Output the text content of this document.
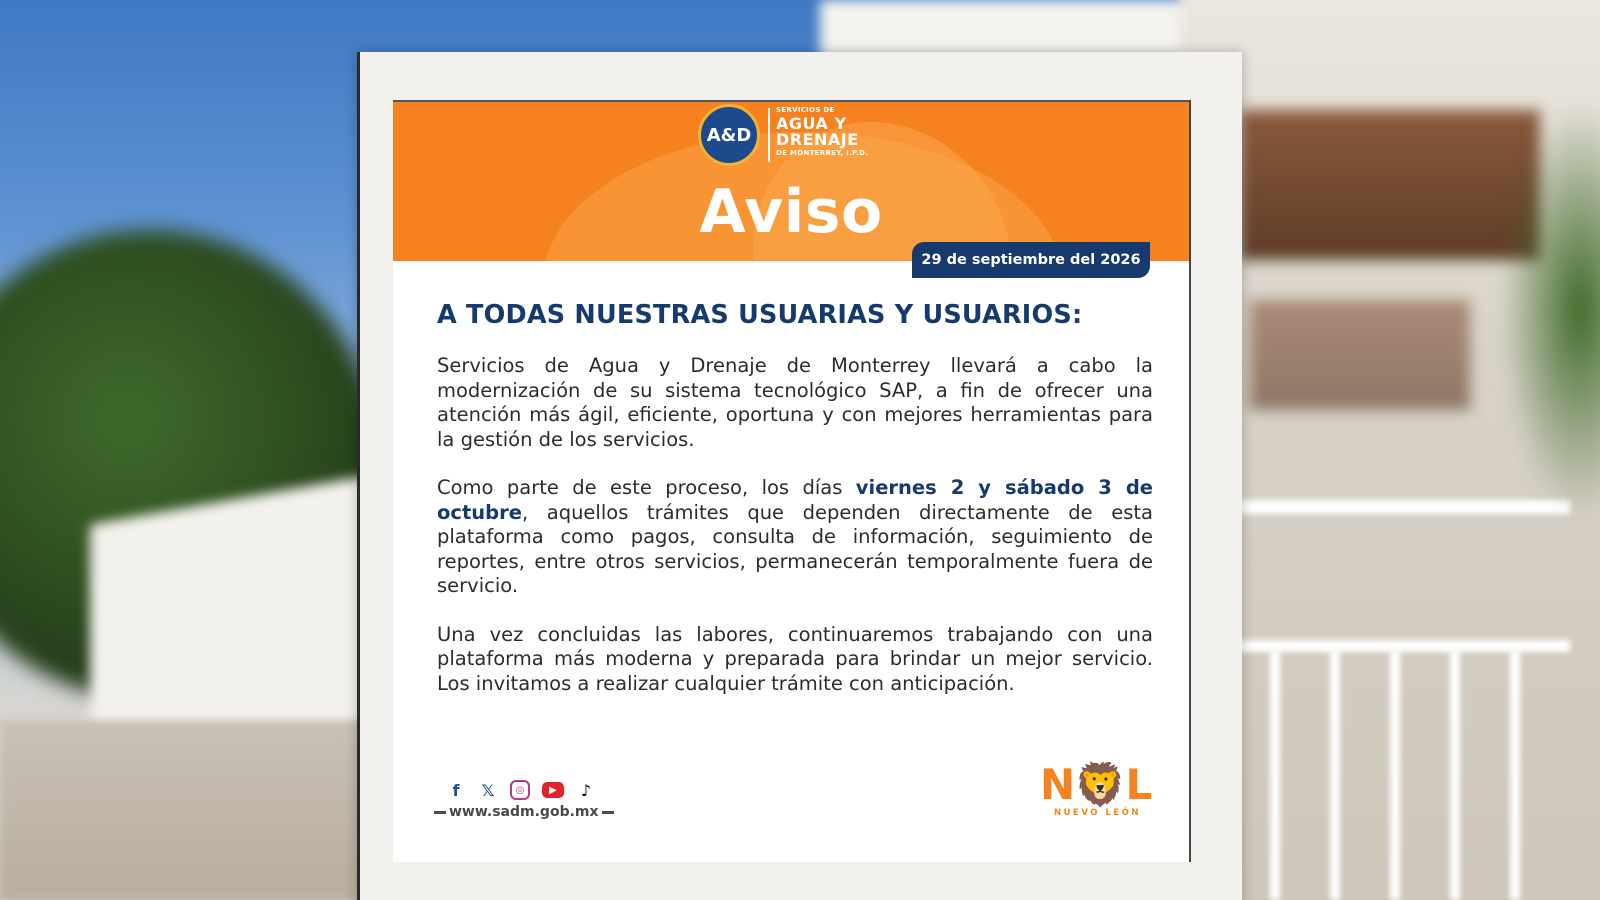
A&D
SERVICIOS DE
AGUA Y
DRENAJE
DE MONTERREY, I.P.D.
Aviso
29 de septiembre del 2026
A TODAS NUESTRAS USUARIAS Y USUARIOS:

Servicios de Agua y Drenaje de Monterrey llevará a cabo la modernización de su sistema tecnológico SAP, a fin de ofrecer una atención más ágil, eficiente, oportuna y con mejores herramientas para la gestión de los servicios.

Como parte de este proceso, los días viernes 2 y sábado 3 de octubre, aquellos trámites que dependen directamente de esta plataforma como pagos, consulta de información, seguimiento de reportes, entre otros servicios, permanecerán temporalmente fuera de servicio.

Una vez concluidas las labores, continuaremos trabajando con una plataforma más moderna y preparada para brindar un mejor servicio. Los invitamos a realizar cualquier trámite con anticipación.

f	𝕏	◎	▶	♪
www.sadm.gob.mx
N🦁L
NUEVO LEÓN
